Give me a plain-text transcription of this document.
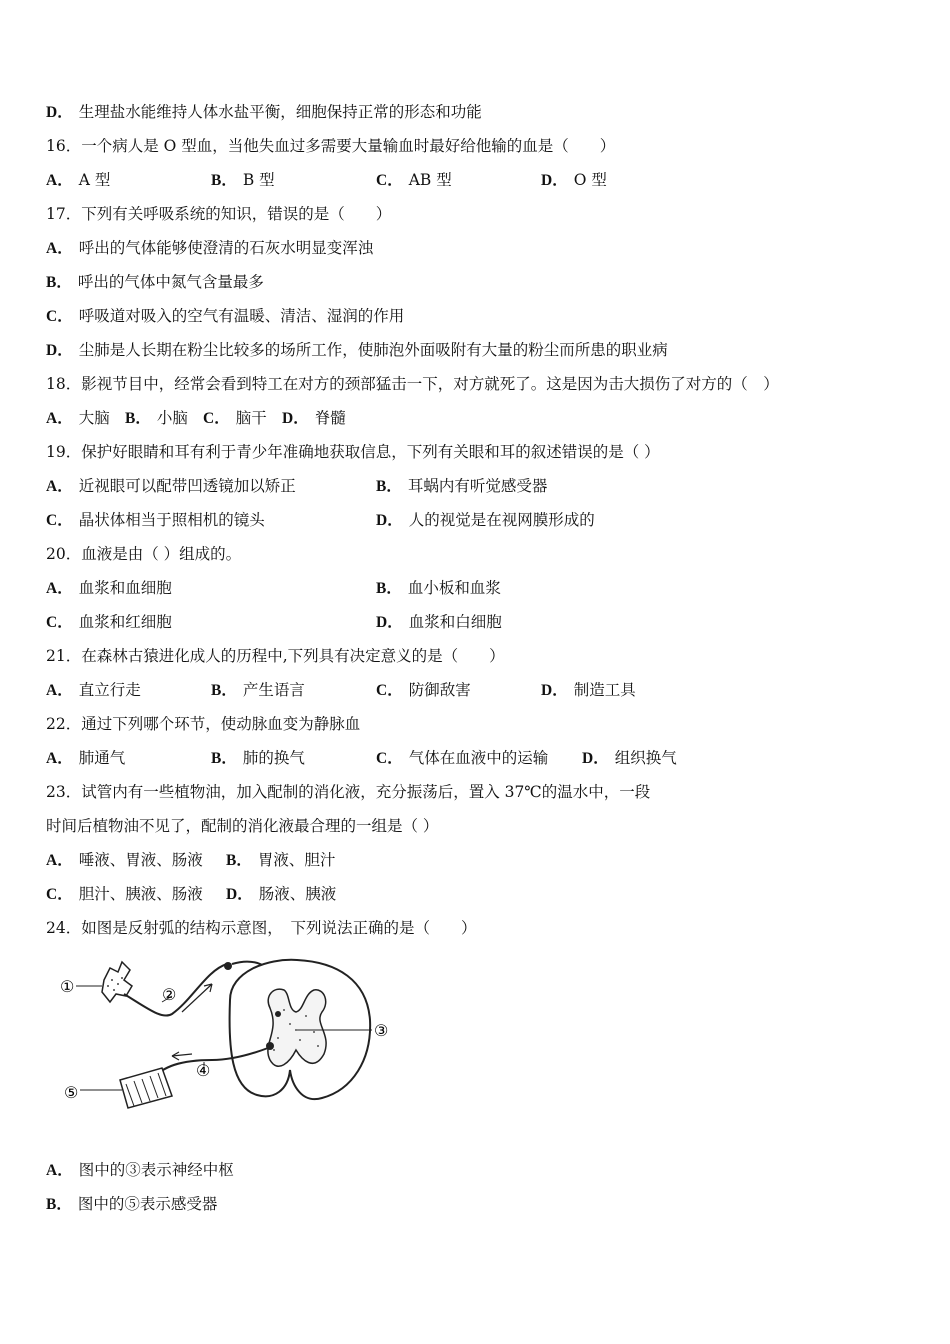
D． 生理盐水能维持人体水盐平衡，细胞保持正常的形态和功能
16．一个病人是 O 型血，当他失血过多需要大量输血时最好给他输的血是（　　）
A． A 型	B． B 型	C． AB 型	D． O 型
17．下列有关呼吸系统的知识，错误的是（　　）
A． 呼出的气体能够使澄清的石灰水明显变浑浊
B． 呼出的气体中氮气含量最多
C． 呼吸道对吸入的空气有温暖、清洁、湿润的作用
D． 尘肺是人长期在粉尘比较多的场所工作，使肺泡外面吸附有大量的粉尘而所患的职业病
18．影视节目中，经常会看到特工在对方的颈部猛击一下，对方就死了。这是因为击大损伤了对方的（　）
A． 大脑 B． 小脑 C． 脑干 D． 脊髓
19．保护好眼睛和耳有利于青少年准确地获取信息，下列有关眼和耳的叙述错误的是（ ）
A． 近视眼可以配带凹透镜加以矫正	B． 耳蜗内有听觉感受器
C． 晶状体相当于照相机的镜头	D． 人的视觉是在视网膜形成的
20．血液是由（ ）组成的。
A． 血浆和血细胞	B． 血小板和血浆
C． 血浆和红细胞	D． 血浆和白细胞
21．在森林古猿进化成人的历程中,下列具有决定意义的是（　　）
A． 直立行走	B． 产生语言	C． 防御敌害	D． 制造工具
22．通过下列哪个环节，使动脉血变为静脉血
A． 肺通气	B． 肺的换气	C． 气体在血液中的运输 D． 组织换气
23．试管内有一些植物油，加入配制的消化液，充分振荡后，置入 37℃的温水中，一段
时间后植物油不见了，配制的消化液最合理的一组是（ ）
A． 唾液、胃液、肠液 B． 胃液、胆汁
C． 胆汁、胰液、肠液 D． 肠液、胰液
24．如图是反射弧的结构示意图，　下列说法正确的是（　　）
①	②
③
④
⑤
A． 图中的③表示神经中枢
B． 图中的⑤表示感受器
